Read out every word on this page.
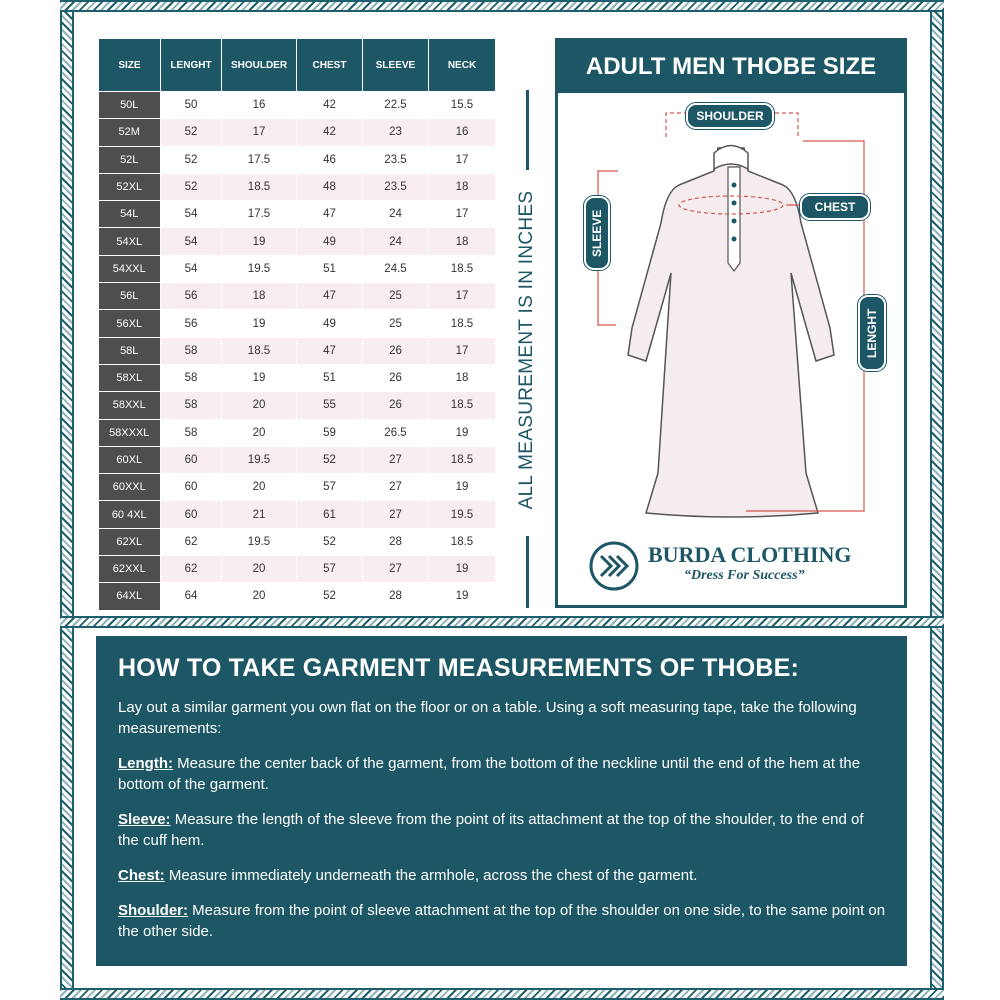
SIZE	LENGHT	SHOULDER	CHEST	SLEEVE	NECK
50L	50	16	42	22.5	15.5
52M	52	17	42	23	16
52L	52	17.5	46	23.5	17
52XL	52	18.5	48	23.5	18
54L	54	17.5	47	24	17
54XL	54	19	49	24	18
54XXL	54	19.5	51	24.5	18.5
56L	56	18	47	25	17
56XL	56	19	49	25	18.5
58L	58	18.5	47	26	17
58XL	58	19	51	26	18
58XXL	58	20	55	26	18.5
58XXXL	58	20	59	26.5	19
60XL	60	19.5	52	27	18.5
60XXL	60	20	57	27	19
60 4XL	60	21	61	27	19.5
62XL	62	19.5	52	28	18.5
62XXL	62	20	57	27	19
64XL	64	20	52	28	19
ALL MEASUREMENT IS IN INCHES
ADULT MEN THOBE SIZE
SHOULDER
CHEST
SLEEVE
LENGHT
BURDA CLOTHING
“Dress For Success”
HOW TO TAKE GARMENT MEASUREMENTS OF THOBE:

Lay out a similar garment you own flat on the floor or on a table. Using a soft measuring tape, take the following measurements:

Length: Measure the center back of the garment, from the bottom of the neckline until the end of the hem at the bottom of the garment.

Sleeve: Measure the length of the sleeve from the point of its attachment at the top of the shoulder, to the end of the cuff hem.

Chest: Measure immediately underneath the armhole, across the chest of the garment.

Shoulder: Measure from the point of sleeve attachment at the top of the shoulder on one side, to the same point on the other side.
